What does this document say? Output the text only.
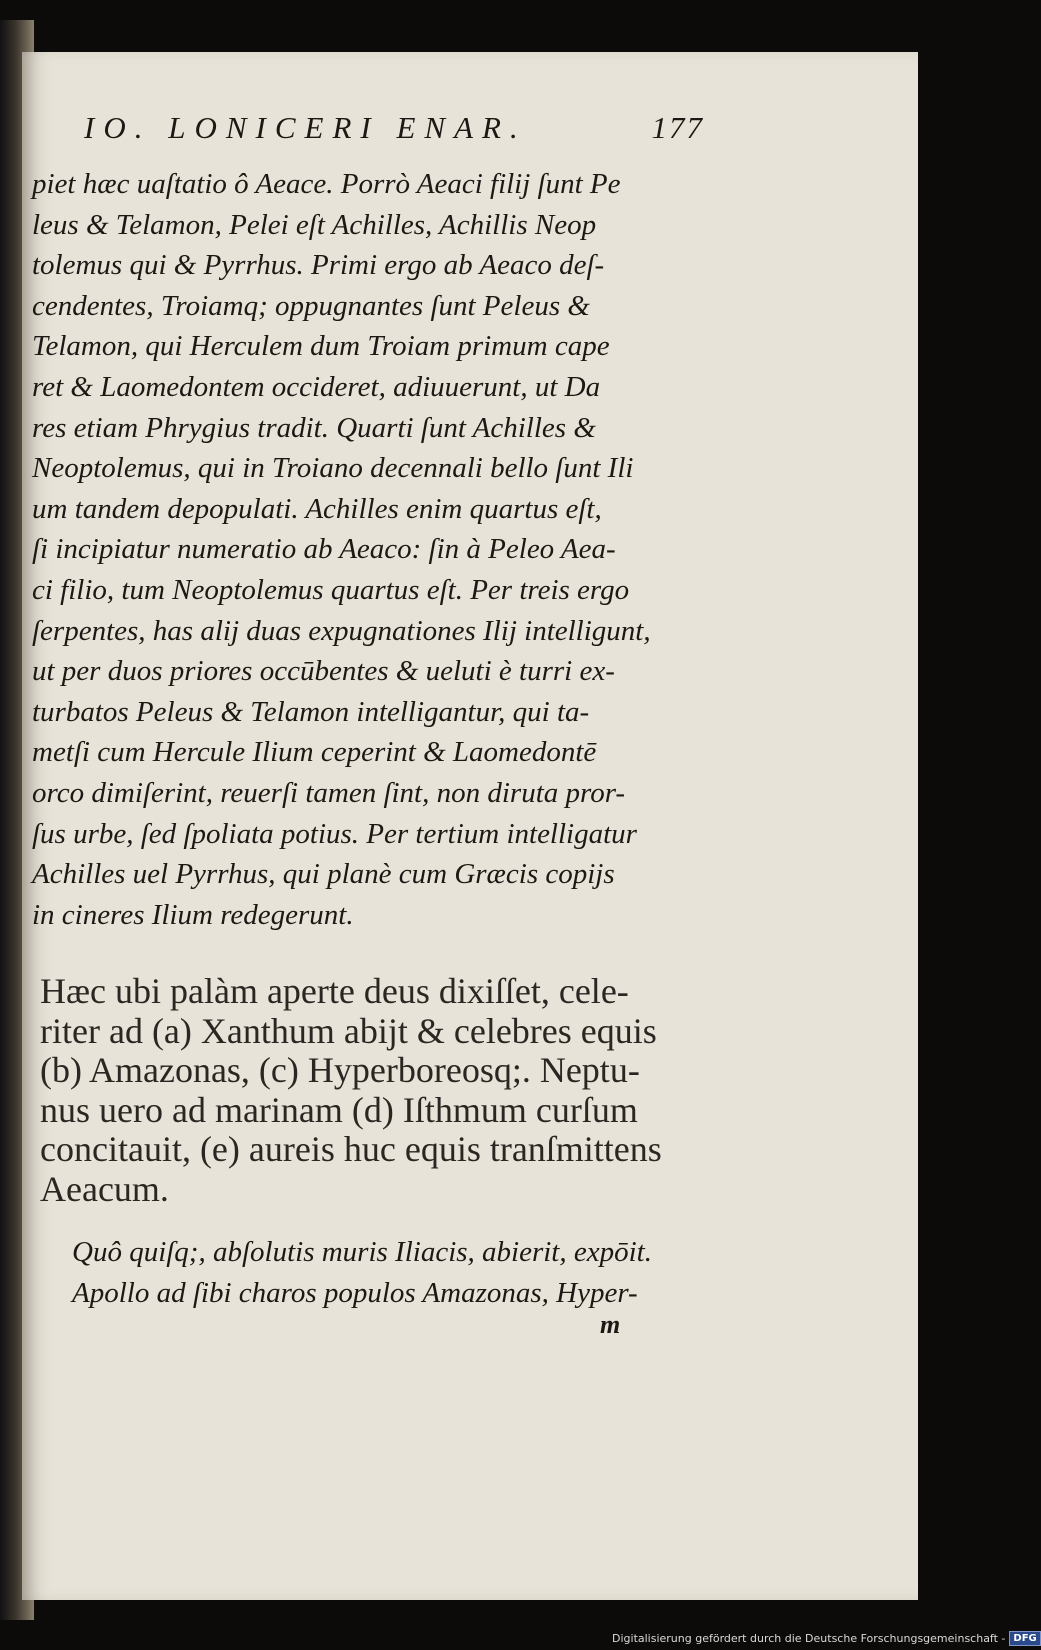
IO. LONICERI ENAR.	177
piet hæc uaſtatio ô Aeace. Porrò Aeaci filij ſunt Pe
leus & Telamon, Pelei eſt Achilles, Achillis Neop
tolemus qui & Pyrrhus. Primi ergo ab Aeaco deſ-
cendentes, Troiamq; oppugnantes ſunt Peleus &
Telamon, qui Herculem dum Troiam primum cape
ret & Laomedontem occideret, adiuuerunt, ut Da
res etiam Phrygius tradit. Quarti ſunt Achilles &
Neoptolemus, qui in Troiano decennali bello ſunt Ili
um tandem depopulati. Achilles enim quartus eſt,
ſi incipiatur numeratio ab Aeaco: ſin à Peleo Aea-
ci filio, tum Neoptolemus quartus eſt. Per treis ergo
ſerpentes, has alij duas expugnationes Ilij intelligunt,
ut per duos priores occūbentes & ueluti è turri ex-
turbatos Peleus & Telamon intelligantur, qui ta-
metſi cum Hercule Ilium ceperint & Laomedontē
orco dimiſerint, reuerſi tamen ſint, non diruta pror-
ſus urbe, ſed ſpoliata potius. Per tertium intelligatur
Achilles uel Pyrrhus, qui planè cum Græcis copijs
in cineres Ilium redegerunt.
Hæc ubi palàm aperte deus dixiſſet, cele-
riter ad (a) Xanthum abijt & celebres equis
(b) Amazonas, (c) Hyperboreosq;. Neptu-
nus uero ad marinam (d) Iſthmum curſum
concitauit, (e) aureis huc equis tranſmittens
Aeacum.
Quô quiſq;, abſolutis muris Iliacis, abierit, expōit.
Apollo ad ſibi charos populos Amazonas, Hyper-
m
Digitalisierung gefördert durch die Deutsche Forschungsgemeinschaft - DFG
